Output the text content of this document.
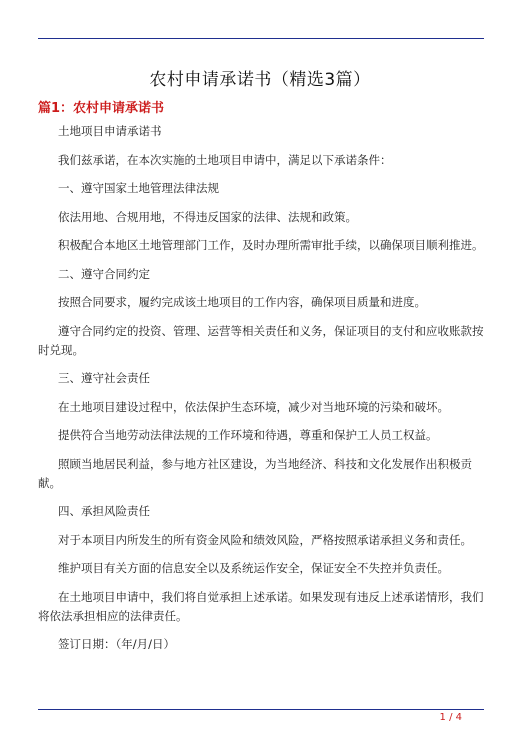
农村申请承诺书（精选3篇）
篇1：农村申请承诺书

土地项目申请承诺书

我们兹承诺，在本次实施的土地项目申请中，满足以下承诺条件：

一、遵守国家土地管理法律法规

依法用地、合规用地，不得违反国家的法律、法规和政策。

积极配合本地区土地管理部门工作，及时办理所需审批手续，以确保项目顺利推进。

二、遵守合同约定

按照合同要求，履约完成该土地项目的工作内容，确保项目质量和进度。

遵守合同约定的投资、管理、运营等相关责任和义务，保证项目的支付和应收账款按时兑现。

三、遵守社会责任

在土地项目建设过程中，依法保护生态环境，减少对当地环境的污染和破坏。

提供符合当地劳动法律法规的工作环境和待遇，尊重和保护工人员工权益。

照顾当地居民利益，参与地方社区建设，为当地经济、科技和文化发展作出积极贡献。

四、承担风险责任

对于本项目内所发生的所有资金风险和绩效风险，严格按照承诺承担义务和责任。

维护项目有关方面的信息安全以及系统运作安全，保证安全不失控并负责任。

在土地项目申请中，我们将自觉承担上述承诺。如果发现有违反上述承诺情形，我们将依法承担相应的法律责任。

签订日期：（年/月/日）

1 / 4
